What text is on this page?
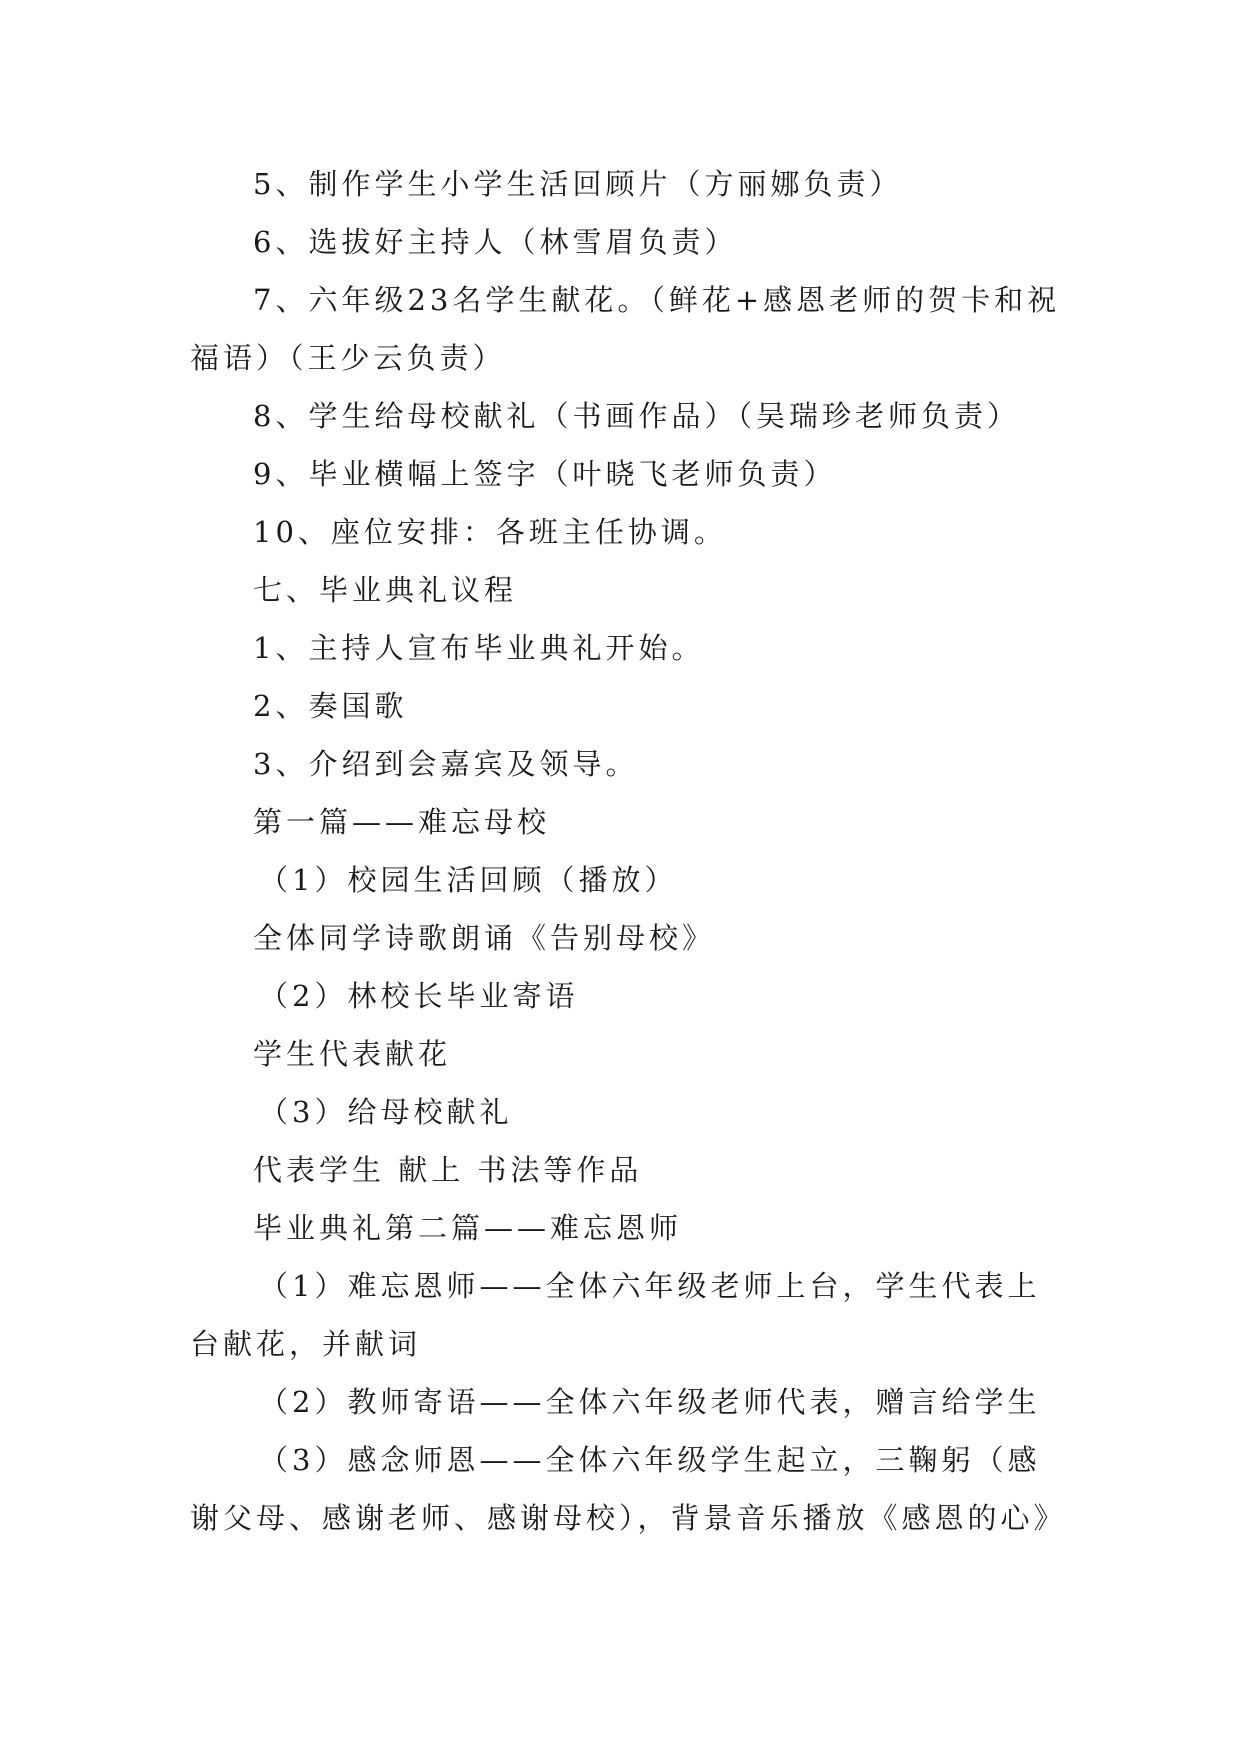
5、制作学生小学生活回顾片（方丽娜负责）
6、选拔好主持人（林雪眉负责）
7、六年级23名学生献花。（鲜花+感恩老师的贺卡和祝
福语）（王少云负责）
8、学生给母校献礼（书画作品）（吴瑞珍老师负责）
9、毕业横幅上签字（叶晓飞老师负责）
10、座位安排：各班主任协调。
七、毕业典礼议程
1、主持人宣布毕业典礼开始。
2、奏国歌
3、介绍到会嘉宾及领导。
第一篇——难忘母校
（1）校园生活回顾（播放）
全体同学诗歌朗诵《告别母校》
（2）林校长毕业寄语
学生代表献花
（3）给母校献礼
代表学生 献上 书法等作品
毕业典礼第二篇——难忘恩师
（1）难忘恩师——全体六年级老师上台，学生代表上
台献花，并献词
（2）教师寄语——全体六年级老师代表，赠言给学生
（3）感念师恩——全体六年级学生起立，三鞠躬（感
谢父母、感谢老师、感谢母校），背景音乐播放《感恩的心》
